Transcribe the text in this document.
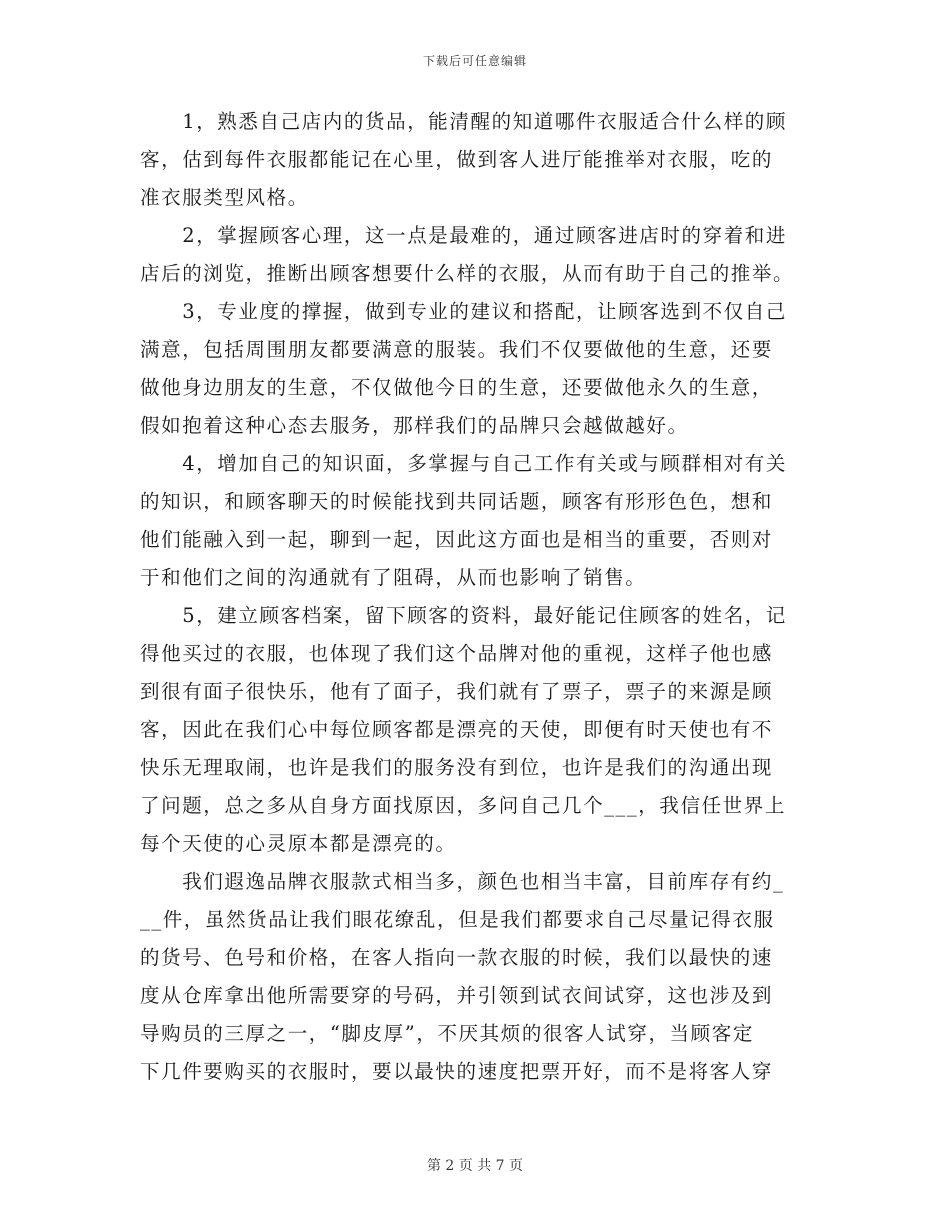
下载后可任意编辑
　　1，熟悉自己店内的货品，能清醒的知道哪件衣服适合什么样的顾
客，估到每件衣服都能记在心里，做到客人进厅能推举对衣服，吃的
准衣服类型风格。
　　2，掌握顾客心理，这一点是最难的，通过顾客进店时的穿着和进
店后的浏览，推断出顾客想要什么样的衣服，从而有助于自己的推举。
　　3，专业度的撑握，做到专业的建议和搭配，让顾客选到不仅自己
满意，包括周围朋友都要满意的服装。我们不仅要做他的生意，还要
做他身边朋友的生意，不仅做他今日的生意，还要做他永久的生意，
假如抱着这种心态去服务，那样我们的品牌只会越做越好。
　　4，增加自己的知识面，多掌握与自己工作有关或与顾群相对有关
的知识，和顾客聊天的时候能找到共同话题，顾客有形形色色，想和
他们能融入到一起，聊到一起，因此这方面也是相当的重要，否则对
于和他们之间的沟通就有了阻碍，从而也影响了销售。
　　5，建立顾客档案，留下顾客的资料，最好能记住顾客的姓名，记
得他买过的衣服，也体现了我们这个品牌对他的重视，这样子他也感
到很有面子很快乐，他有了面子，我们就有了票子，票子的来源是顾
客，因此在我们心中每位顾客都是漂亮的天使，即便有时天使也有不
快乐无理取闹，也许是我们的服务没有到位，也许是我们的沟通出现
了问题，总之多从自身方面找原因，多问自己几个___，我信任世界上
每个天使的心灵原本都是漂亮的。
　　我们遐逸品牌衣服款式相当多，颜色也相当丰富，目前库存有约_
__件，虽然货品让我们眼花缭乱，但是我们都要求自己尽量记得衣服
的货号、色号和价格，在客人指向一款衣服的时候，我们以最快的速
度从仓库拿出他所需要穿的号码，并引领到试衣间试穿，这也涉及到
导购员的三厚之一，“脚皮厚”，不厌其烦的很客人试穿，当顾客定
下几件要购买的衣服时，要以最快的速度把票开好，而不是将客人穿
第 2 页 共 7 页
